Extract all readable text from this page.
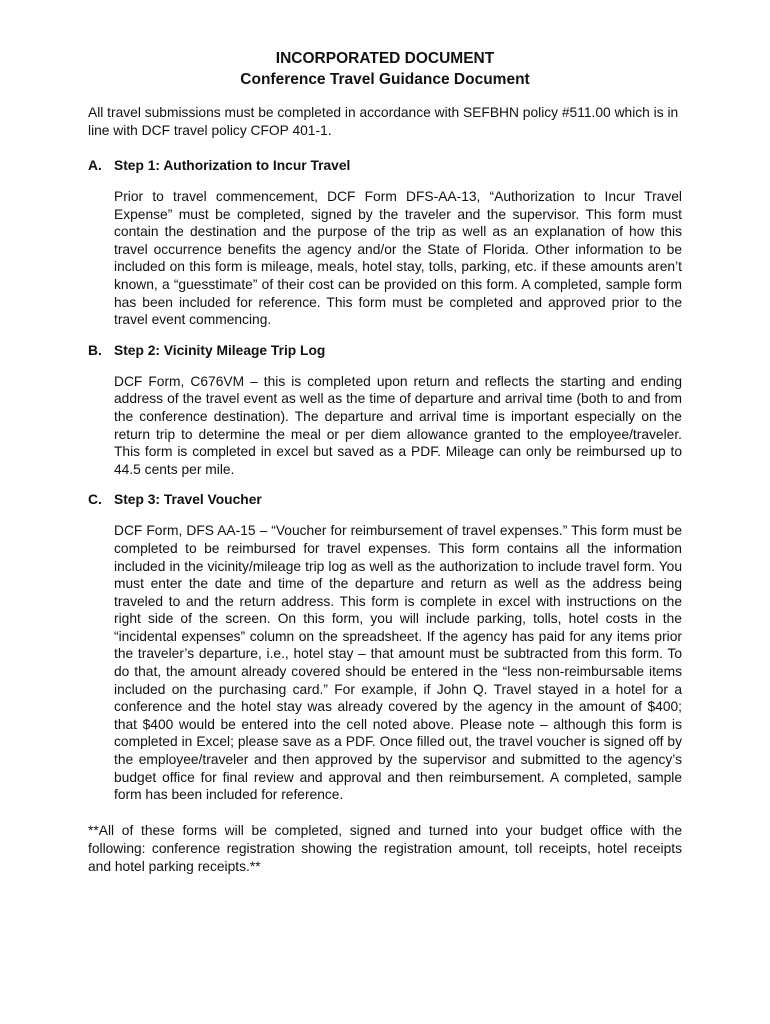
INCORPORATED DOCUMENT
Conference Travel Guidance Document

All travel submissions must be completed in accordance with SEFBHN policy #511.00 which is in line with DCF travel policy CFOP 401-1.

A. Step 1: Authorization to Incur Travel

Prior to travel commencement, DCF Form DFS-AA-13, “Authorization to Incur Travel Expense” must be completed, signed by the traveler and the supervisor. This form must contain the destination and the purpose of the trip as well as an explanation of how this travel occurrence benefits the agency and/or the State of Florida. Other information to be included on this form is mileage, meals, hotel stay, tolls, parking, etc. if these amounts aren’t known, a “guesstimate” of their cost can be provided on this form. A completed, sample form has been included for reference. This form must be completed and approved prior to the travel event commencing.

B. Step 2: Vicinity Mileage Trip Log

DCF Form, C676VM – this is completed upon return and reflects the starting and ending address of the travel event as well as the time of departure and arrival time (both to and from the conference destination). The departure and arrival time is important especially on the return trip to determine the meal or per diem allowance granted to the employee/traveler. This form is completed in excel but saved as a PDF. Mileage can only be reimbursed up to 44.5 cents per mile.

C. Step 3: Travel Voucher

DCF Form, DFS AA-15 – “Voucher for reimbursement of travel expenses.” This form must be completed to be reimbursed for travel expenses. This form contains all the information included in the vicinity/mileage trip log as well as the authorization to include travel form. You must enter the date and time of the departure and return as well as the address being traveled to and the return address. This form is complete in excel with instructions on the right side of the screen. On this form, you will include parking, tolls, hotel costs in the “incidental expenses” column on the spreadsheet. If the agency has paid for any items prior the traveler’s departure, i.e., hotel stay – that amount must be subtracted from this form. To do that, the amount already covered should be entered in the “less non-reimbursable items included on the purchasing card.” For example, if John Q. Travel stayed in a hotel for a conference and the hotel stay was already covered by the agency in the amount of $400; that $400 would be entered into the cell noted above. Please note – although this form is completed in Excel; please save as a PDF. Once filled out, the travel voucher is signed off by the employee/traveler and then approved by the supervisor and submitted to the agency’s budget office for final review and approval and then reimbursement. A completed, sample form has been included for reference.

**All of these forms will be completed, signed and turned into your budget office with the following: conference registration showing the registration amount, toll receipts, hotel receipts and hotel parking receipts.**
